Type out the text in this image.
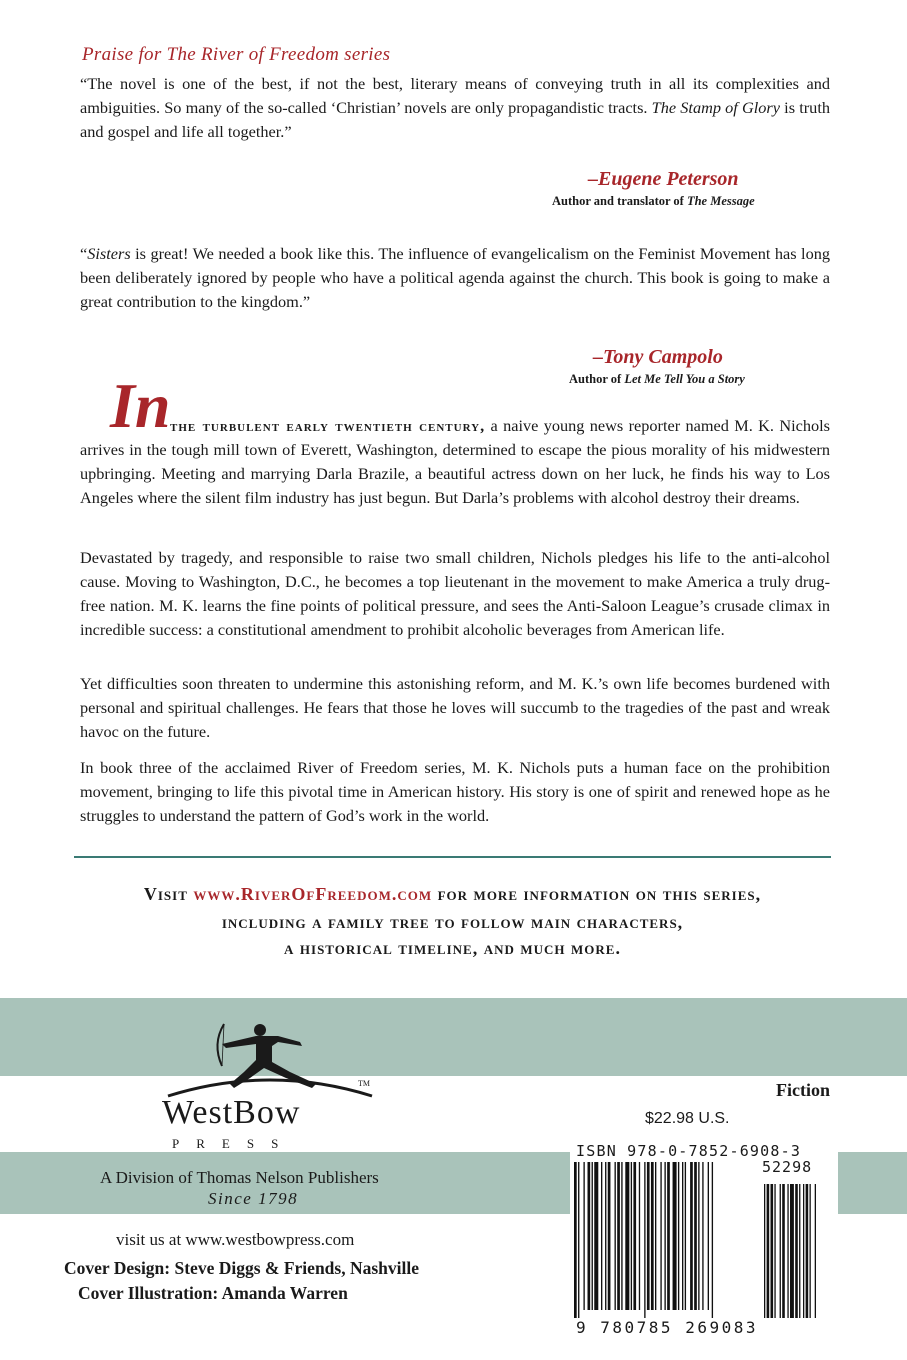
Praise for The River of Freedom series

“The novel is one of the best, if not the best, literary means of conveying truth in all its complexities and ambiguities. So many of the so-called ‘Christian’ novels are only propagandistic tracts. The Stamp of Glory is truth and gospel and life all together.”

–Eugene Peterson
Author and translator of The Message

“Sisters is great! We needed a book like this. The influence of evangelicalism on the Feminist Movement has long been deliberately ignored by people who have a political agenda against the church. This book is going to make a great contribution to the kingdom.”

–Tony Campolo
Author of Let Me Tell You a Story
In the turbulent early twentieth century, a naive young news reporter named M. K. Nichols arrives in the tough mill town of Everett, Washington, determined to escape the pious morality of his midwestern upbringing. Meeting and marrying Darla Brazile, a beautiful actress down on her luck, he finds his way to Los Angeles where the silent film industry has just begun. But Darla’s problems with alcohol destroy their dreams.

Devastated by tragedy, and responsible to raise two small children, Nichols pledges his life to the anti-alcohol cause. Moving to Washington, D.C., he becomes a top lieutenant in the movement to make America a truly drug-free nation. M. K. learns the fine points of political pressure, and sees the Anti-Saloon League’s crusade climax in incredible success: a constitutional amendment to prohibit alcoholic beverages from American life.

Yet difficulties soon threaten to undermine this astonishing reform, and M. K.’s own life becomes burdened with personal and spiritual challenges. He fears that those he loves will succumb to the tragedies of the past and wreak havoc on the future.

In book three of the acclaimed River of Freedom series, M. K. Nichols puts a human face on the prohibition movement, bringing to life this pivotal time in American history. His story is one of spirit and renewed hope as he struggles to understand the pattern of God’s work in the world.

Visit www.RiverOfFreedom.com for more information on this series,
including a family tree to follow main characters,
a historical timeline, and much more.
TM
WestBow
PRESS
A Division of Thomas Nelson Publishers
Since 1798
visit us at www.westbowpress.com
Cover Design: Steve Diggs & Friends, Nashville
Cover Illustration: Amanda Warren
Fiction
$22.98 U.S.
ISBN 978-0-7852-6908-3
52298
9 780785 269083
